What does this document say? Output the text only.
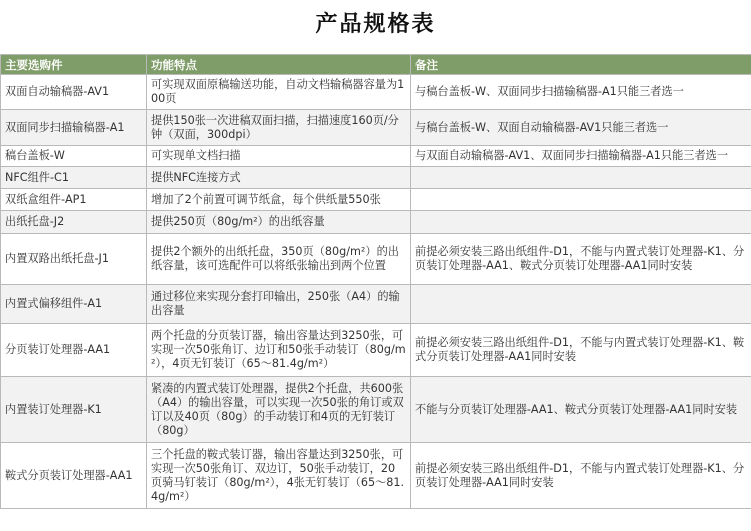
产品规格表
主要选购件	功能特点	备注
双面自动输稿器-AV1	可实现双面原稿输送功能，自动文档输稿器容量为100页	与稿台盖板-W、双面同步扫描输稿器-A1只能三者选一
双面同步扫描输稿器-A1	提供150张一次进稿双面扫描，扫描速度160页/分钟（双面，300dpi）	与稿台盖板-W、双面自动输稿器-AV1只能三者选一
稿台盖板-W	可实现单文档扫描	与双面自动输稿器-AV1、双面同步扫描输稿器-A1只能三者选一
NFC组件-C1	提供NFC连接方式	
双纸盒组件-AP1	增加了2个前置可调节纸盒，每个供纸量550张	
出纸托盘-J2	提供250页（80g/m²）的出纸容量	
内置双路出纸托盘-J1	提供2个额外的出纸托盘，350页（80g/m²）的出纸容量，该可选配件可以将纸张输出到两个位置	前提必须安装三路出纸组件-D1，不能与内置式装订处理器-K1、分页装订处理器-AA1、鞍式分页装订处理器-AA1同时安装
内置式偏移组件-A1	通过移位来实现分套打印输出，250张（A4）的输出容量	
分页装订处理器-AA1	两个托盘的分页装订器，输出容量达到3250张，可实现一次50张角订、边订和50张手动装订（80g/m²），4页无钉装订（65～81.4g/m²）	前提必须安装三路出纸组件-D1，不能与内置式装订处理器-K1、鞍式分页装订处理器-AA1同时安装
内置装订处理器-K1	紧凑的内置式装订处理器，提供2个托盘，共600张（A4）的输出容量，可以实现一次50张的角订或双订以及40页（80g）的手动装订和4页的无钉装订（80g）	不能与分页装订处理器-AA1、鞍式分页装订处理器-AA1同时安装
鞍式分页装订处理器-AA1	三个托盘的鞍式装订器，输出容量达到3250张，可实现一次50张角订、双边订，50张手动装订，20页骑马钉装订（80g/m²），4张无钉装订（65～81.4g/m²）	前提必须安装三路出纸组件-D1，不能与内置式装订处理器-K1、分页装订处理器-AA1同时安装
